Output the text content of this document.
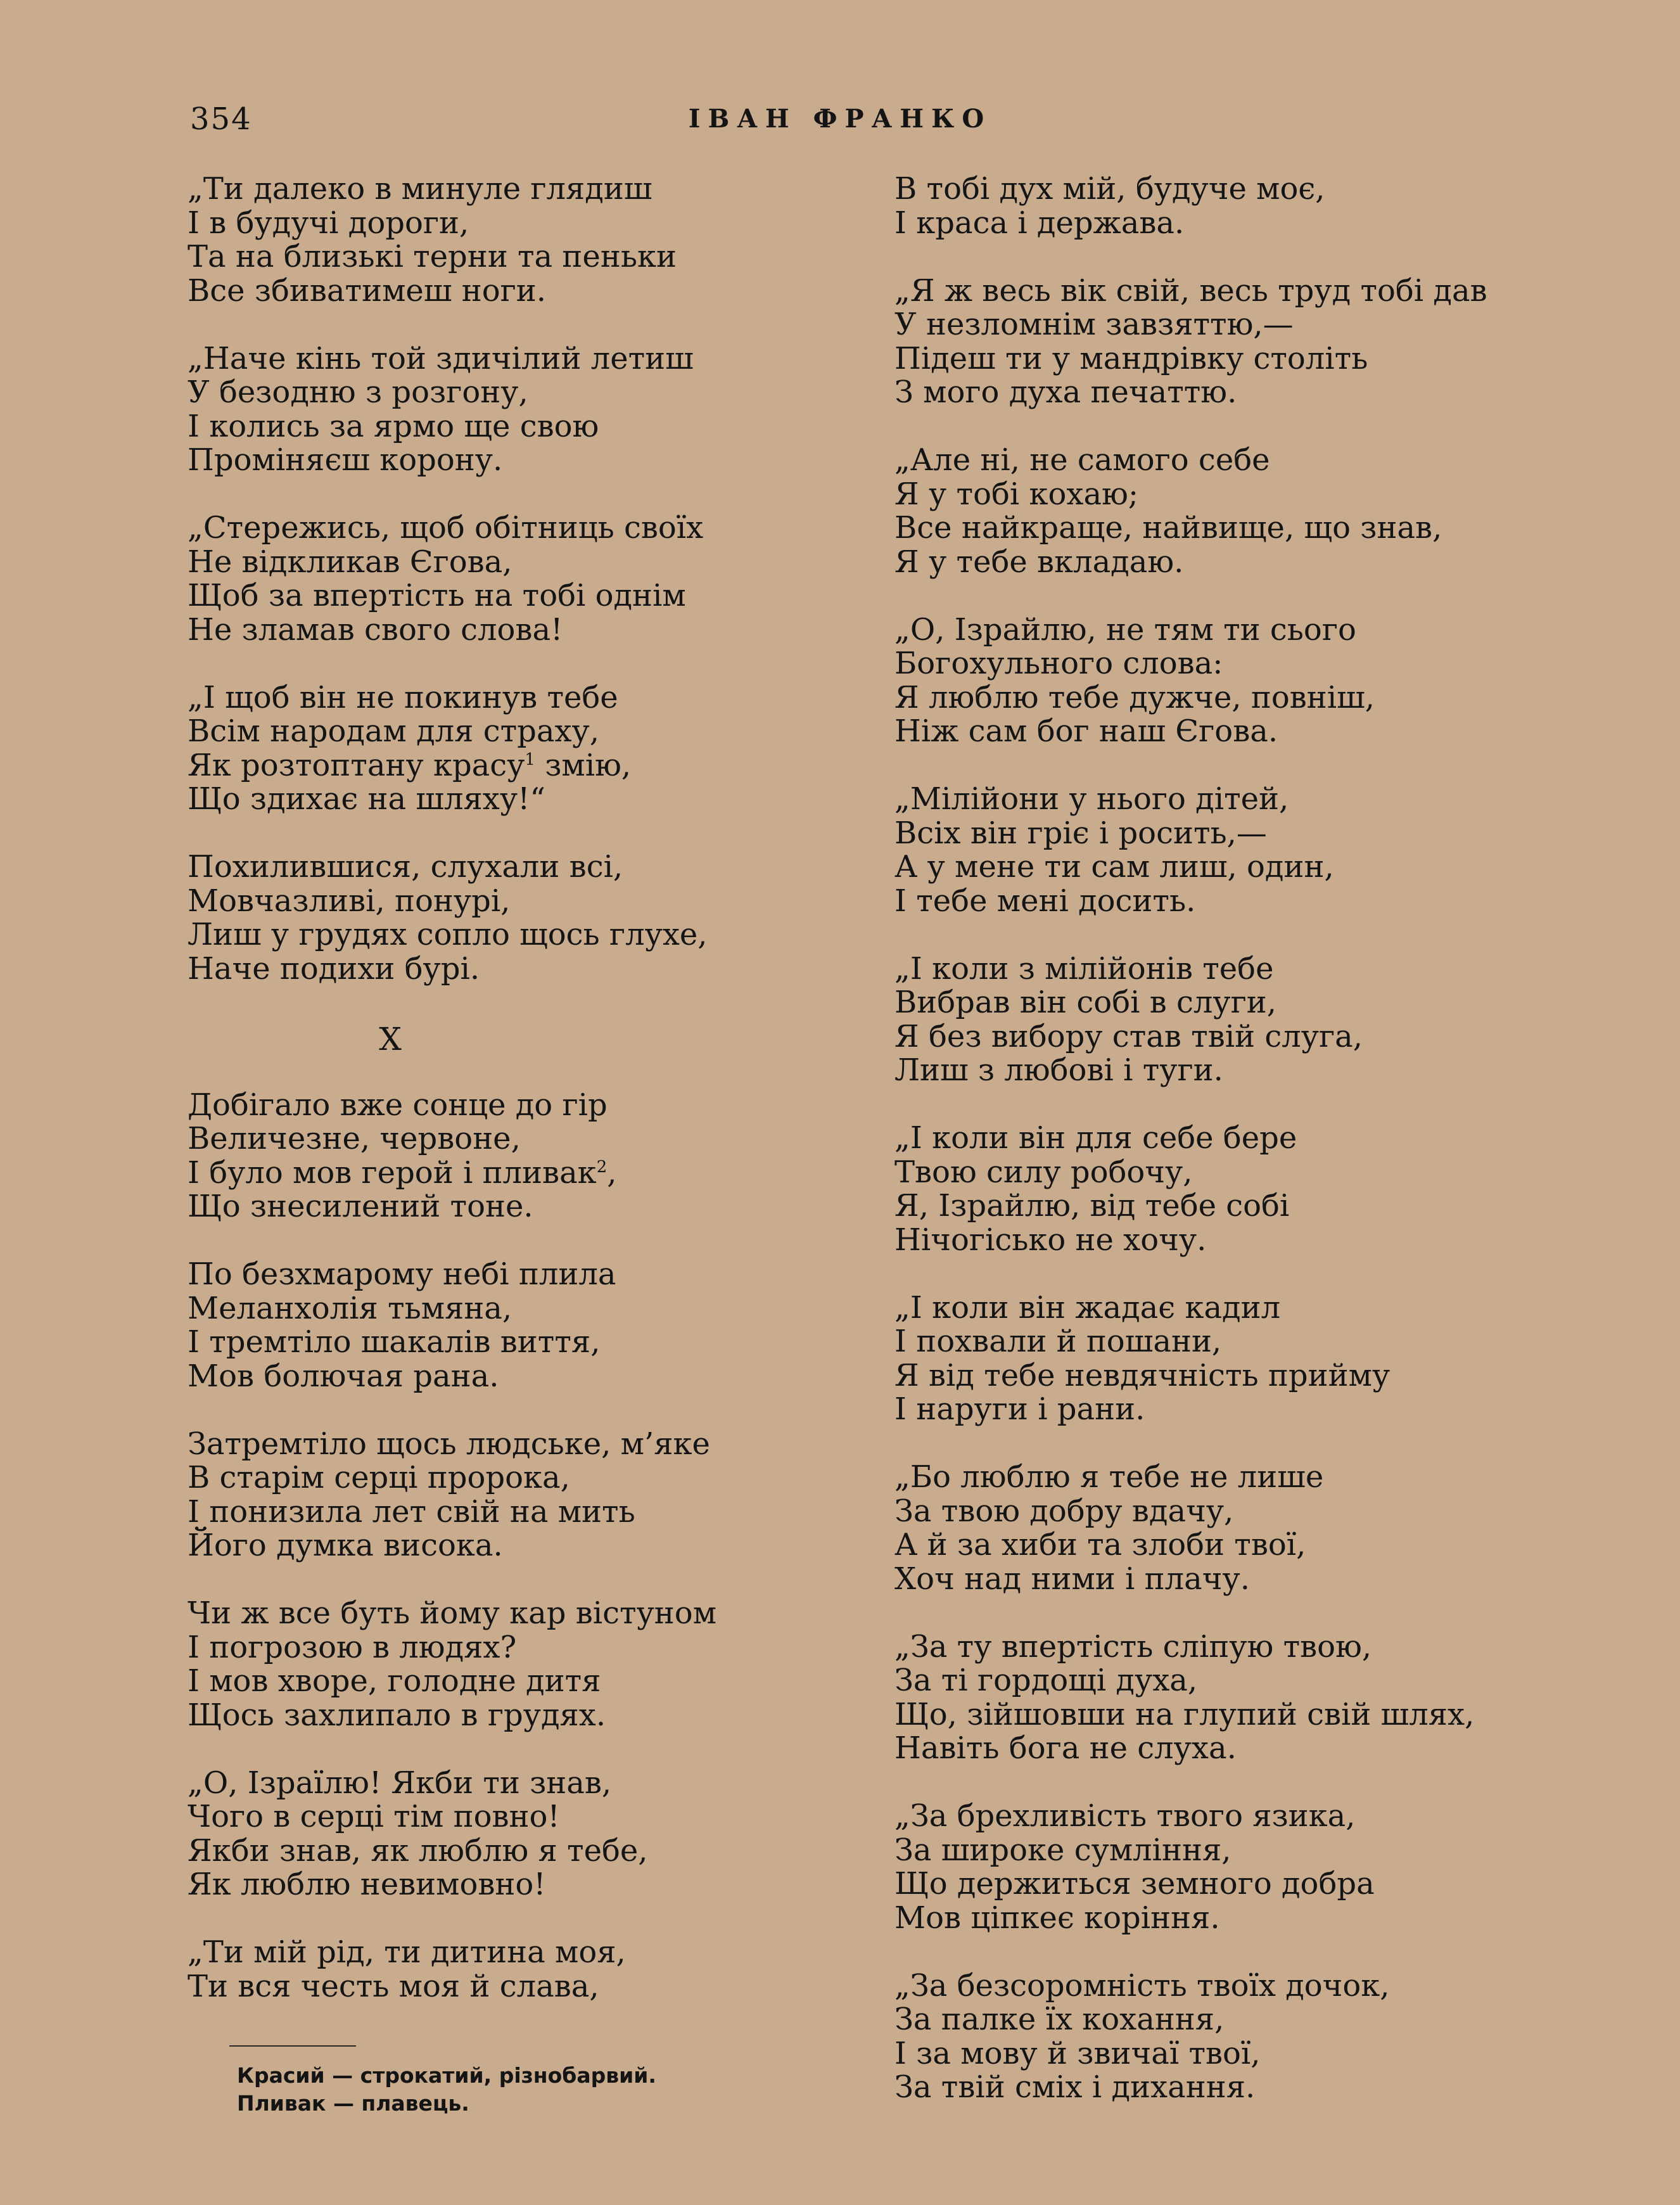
354	ІВАН ФРАНКО
„Ти далеко в минуле глядиш
І в будучі дороги,
Та на близькі терни та пеньки
Все збиватимеш ноги.
„Наче кінь той здичілий летиш
У безодню з розгону,
І колись за ярмо ще свою
Проміняєш корону.
„Стережись, щоб обітниць своїх
Не відкликав Єгова,
Щоб за впертість на тобі однім
Не зламав свого слова!
„І щоб він не покинув тебе
Всім народам для страху,
Як розтоптану красу$^1$ змію,
Що здихає на шляху!“
Похилившися, слухали всі,
Мовчазливі, понурі,
Лиш у грудях сопло щось глухе,
Наче подихи бурі.
X
Добігало вже сонце до гір
Величезне, червоне,
І було мов герой і пливак$^2$,
Що знесилений тоне.
По безхмарому небі плила
Меланхолія тьмяна,
І тремтіло шакалів виття,
Мов болючая рана.
Затремтіло щось людське, м’яке
В старім серці пророка,
І понизила лет свій на мить
Його думка висока.
Чи ж все буть йому кар вістуном
І погрозою в людях?
І мов хворе, голодне дитя
Щось захлипало в грудях.
„О, Ізраїлю! Якби ти знав,
Чого в серці тім повно!
Якби знав, як люблю я тебе,
Як люблю невимовно!
„Ти мій рід, ти дитина моя,
Ти вся честь моя й слава,
В тобі дух мій, будуче моє,
І краса і держава.
„Я ж весь вік свій, весь труд тобі дав
У незломнім завзяттю,—
Підеш ти у мандрівку століть
З мого духа печаттю.
„Але ні, не самого себе
Я у тобі кохаю;
Все найкраще, найвище, що знав,
Я у тебе вкладаю.
„О, Ізрайлю, не тям ти сього
Богохульного слова:
Я люблю тебе дужче, повніш,
Ніж сам бог наш Єгова.
„Мілійони у нього дітей,
Всіх він гріє і росить,—
А у мене ти сам лиш, один,
І тебе мені досить.
„І коли з мілійонів тебе
Вибрав він собі в слуги,
Я без вибору став твій слуга,
Лиш з любові і туги.
„І коли він для себе бере
Твою силу робочу,
Я, Ізрайлю, від тебе собі
Нічогісько не хочу.
„І коли він жадає кадил
І похвали й пошани,
Я від тебе невдячність прийму
І наруги і рани.
„Бо люблю я тебе не лише
За твою добру вдачу,
А й за хиби та злоби твої,
Хоч над ними і плачу.
„За ту впертість сліпую твою,
За ті гордощі духа,
Що, зійшовши на глупий свій шлях,
Навіть бога не слуха.
„За брехливість твого язика,
За широке сумління,
Що держиться земного добра
Мов ціпкеє коріння.
„За безсоромність твоїх дочок,
За палке їх кохання,
І за мову й звичаї твої,
За твій сміх і дихання.
Красий — строкатий, різнобарвий.
Пливак — плавець.
